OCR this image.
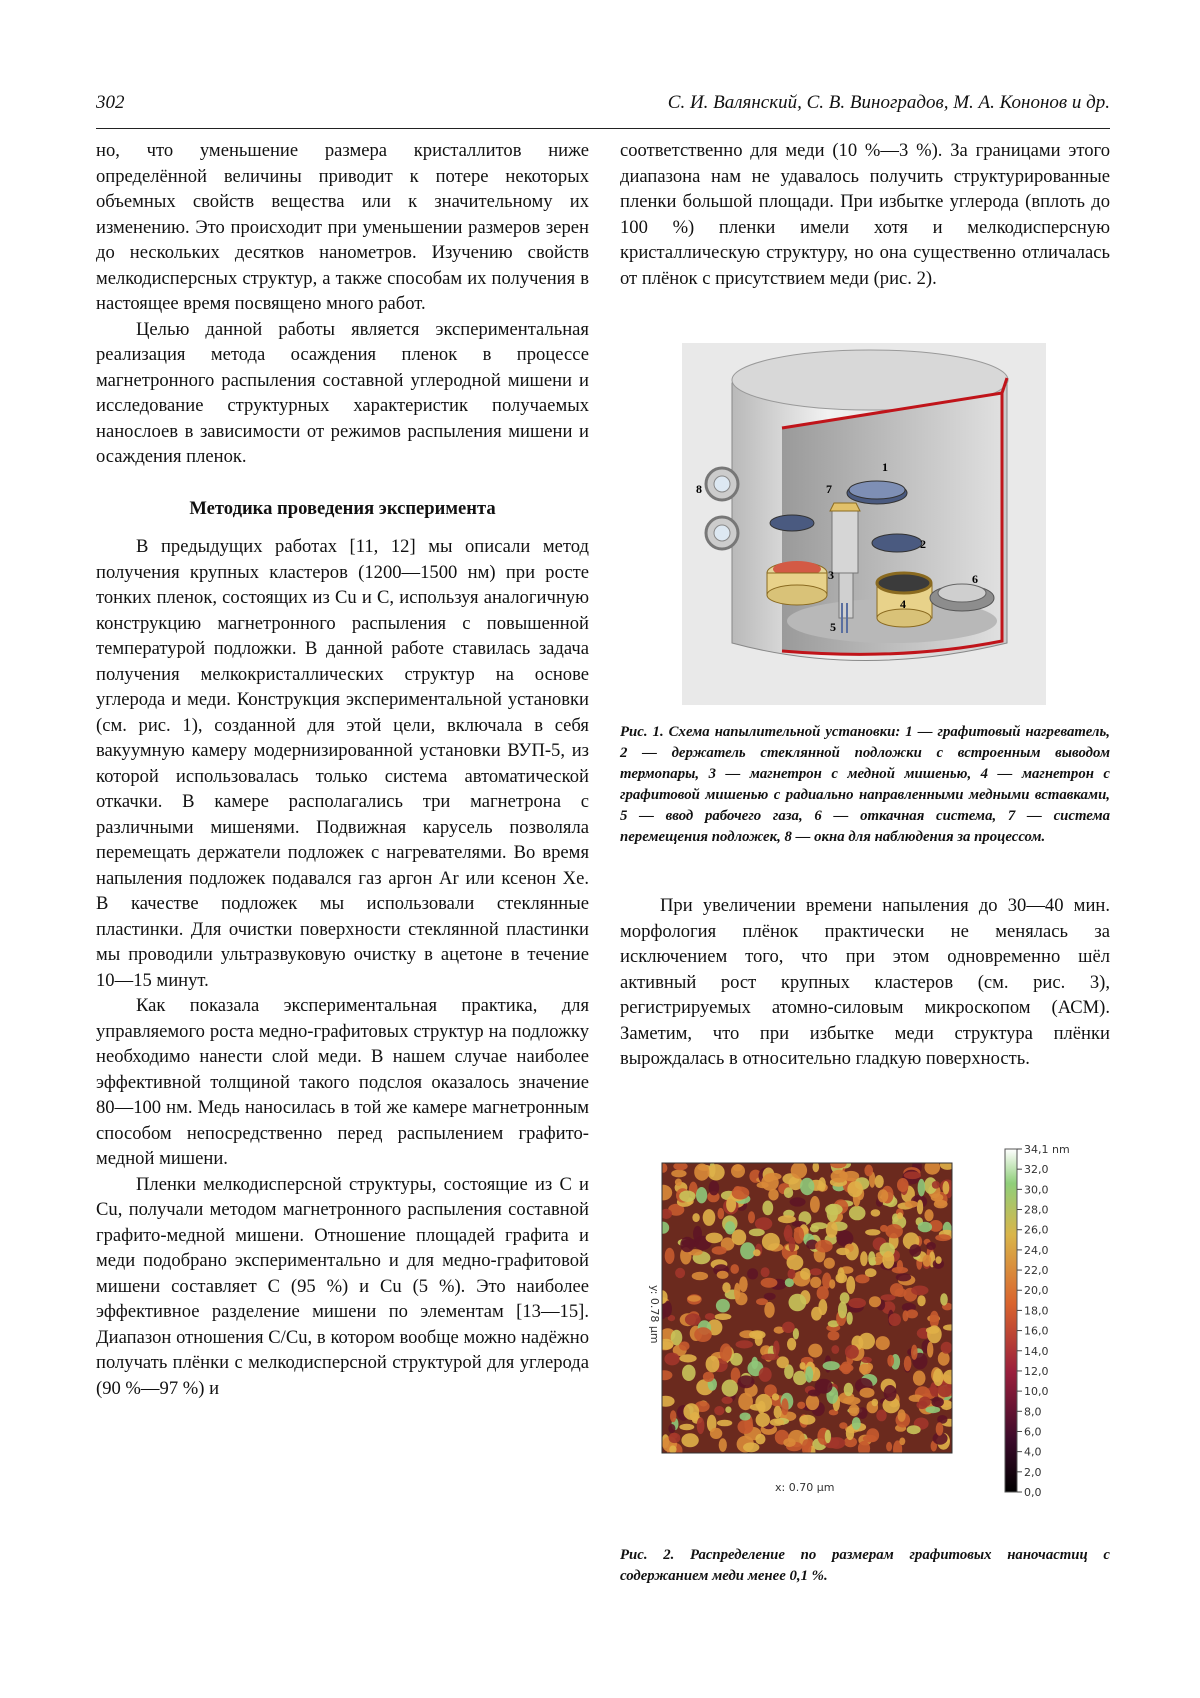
302	С. И. Валянский, С. В. Виноградов, М. А. Кононов и др.

но, что уменьшение размера кристаллитов ниже определённой величины приводит к потере некоторых объемных свойств вещества или к значительному их изменению. Это происходит при уменьшении размеров зерен до нескольких десятков нанометров. Изучению свойств мелкодисперсных структур, а также способам их получения в настоящее время посвящено много работ.

Целью данной работы является экспериментальная реализация метода осаждения пленок в процессе магнетронного распыления составной углеродной мишени и исследование структурных характеристик получаемых нанослоев в зависимости от режимов распыления мишени и осаждения пленок.

Методика проведения эксперимента

В предыдущих работах [11, 12] мы описали метод получения крупных кластеров (1200—1500 нм) при росте тонких пленок, состоящих из Cu и C, используя аналогичную конструкцию магнетронного распыления с повышенной температурой подложки. В данной работе ставилась задача получения мелкокристаллических структур на основе углерода и меди. Конструкция экспериментальной установки (см. рис. 1), созданной для этой цели, включала в себя вакуумную камеру модернизированной установки ВУП-5, из которой использовалась только система автоматической откачки. В камере располагались три магнетрона с различными мишенями. Подвижная карусель позволяла перемещать держатели подложек с нагревателями. Во время напыления подложек подавался газ аргон Ar или ксенон Xe. В качестве подложек мы использовали стеклянные пластинки. Для очистки поверхности стеклянной пластинки мы проводили ультразвуковую очистку в ацетоне в течение 10—15 минут.

Как показала экспериментальная практика, для управляемого роста медно-графитовых структур на подложку необходимо нанести слой меди. В нашем случае наиболее эффективной толщиной такого подслоя оказалось значение 80—100 нм. Медь наносилась в той же камере магнетронным способом непосредственно перед распылением графито-медной мишени.

Пленки мелкодисперсной структуры, состоящие из C и Cu, получали методом магнетронного распыления составной графито-медной мишени. Отношение площадей графита и меди подобрано экспериментально и для медно-графитовой мишени составляет C (95 %) и Cu (5 %). Это наиболее эффективное разделение мишени по элементам [13—15]. Диапазон отношения C/Cu, в котором вообще можно надёжно получать плёнки с мелкодисперсной структурой для углерода (90 %—97 %) и

соответственно для меди (10 %—3 %). За границами этого диапазона нам не удавалось получить структурированные пленки большой площади. При избытке углерода (вплоть до 100 %) пленки имели хотя и мелкодисперсную кристаллическую структуру, но она существенно отличалась от плёнок с присутствием меди (рис. 2).

1
2
3
4
5
6
7
8
Рис. 1. Схема напылительной установки: 1 — графитовый нагреватель, 2 — держатель стеклянной подложки с встроенным выводом термопары, 3 — магнетрон с медной мишенью, 4 — магнетрон с графитовой мишенью с радиально направленными медными вставками, 5 — ввод рабочего газа, 6 — откачная система, 7 — система перемещения подложек, 8 — окна для наблюдения за процессом.

При увеличении времени напыления до 30—40 мин. морфология плёнок практически не менялась за исключением того, что при этом одновременно шёл активный рост крупных кластеров (см. рис. 3), регистрируемых атомно-силовым микроскопом (АСМ). Заметим, что при избытке меди структура плёнки вырождалась в относительно гладкую поверхность.

34,1 nm
32,0
30,0
28,0
26,0
24,0
22,0
20,0
18,0
16,0
14,0
12,0
10,0
8,0
6,0
4,0
2,0
0,0
x: 0.70 µm
y: 0.78 µm
Рис. 2. Распределение по размерам графитовых наночастиц с содержанием меди менее 0,1 %.
